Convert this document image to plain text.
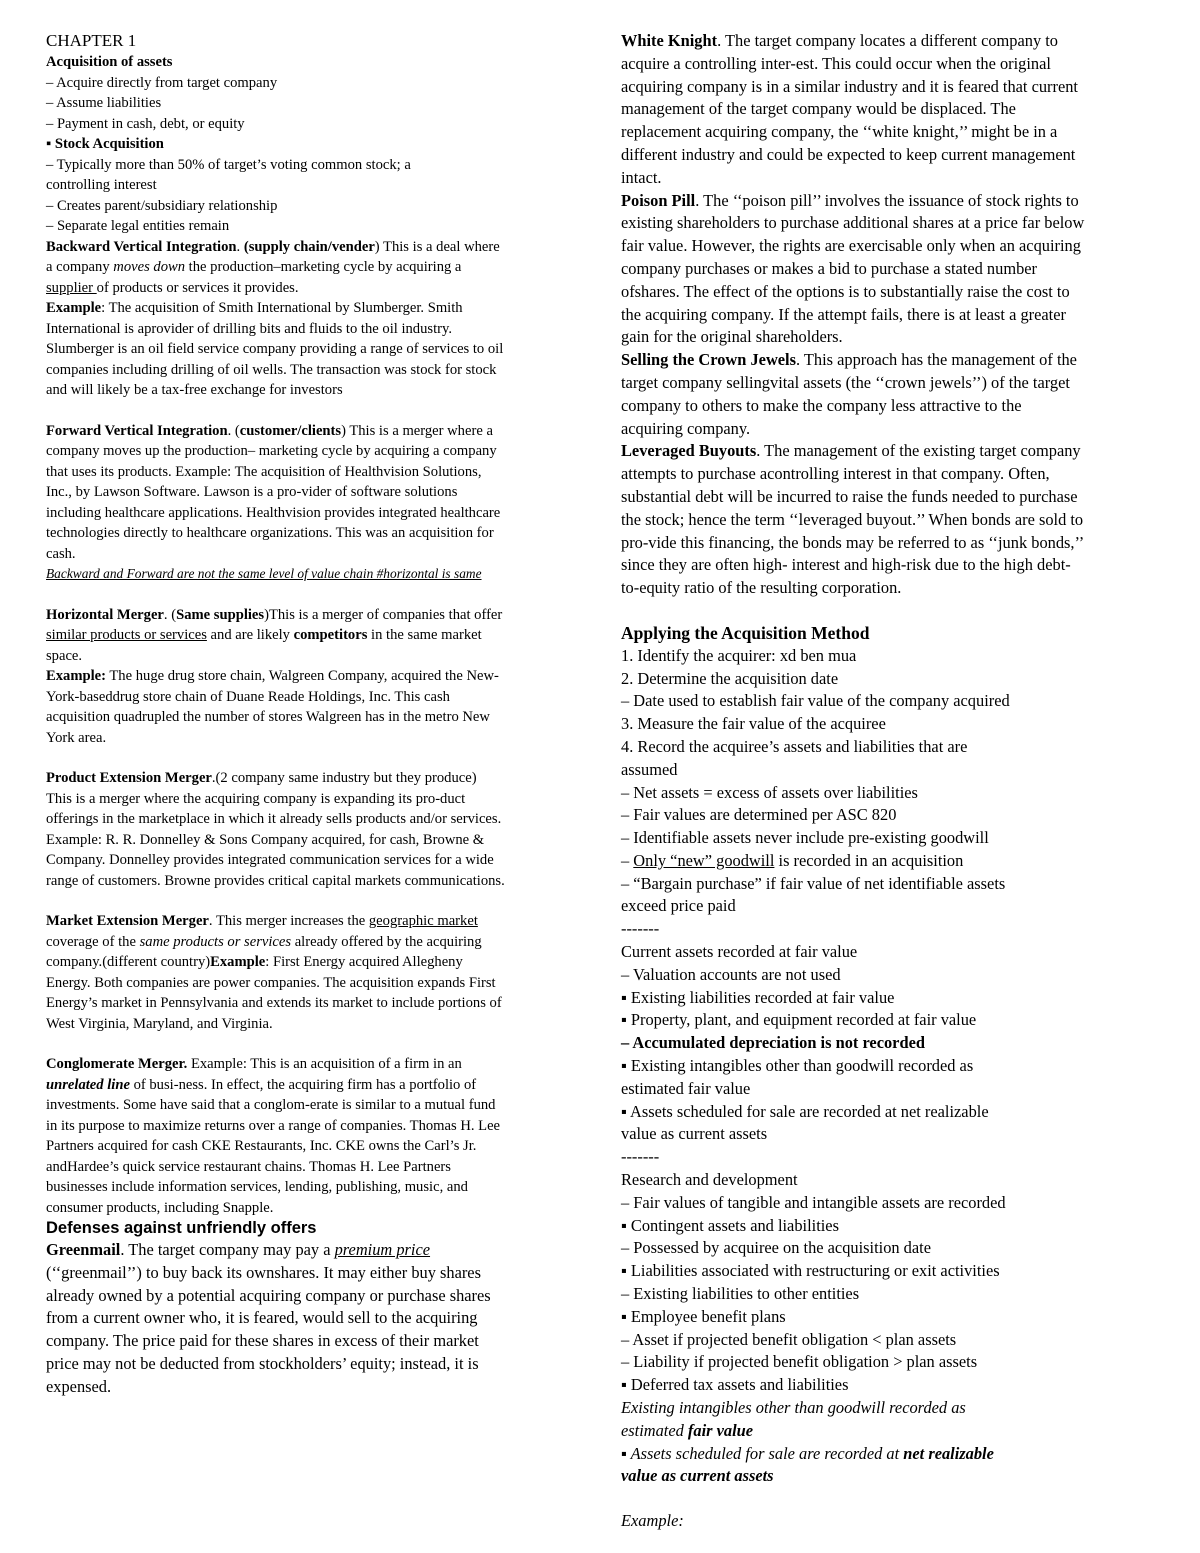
CHAPTER 1
Acquisition of assets
– Acquire directly from target company
– Assume liabilities
– Payment in cash, debt, or equity
▪ Stock Acquisition
– Typically more than 50% of target’s voting common stock; a
controlling interest
– Creates parent/subsidiary relationship
– Separate legal entities remain
Backward Vertical Integration. (supply chain/vender) This is a deal where
a company moves down the production–marketing cycle by acquiring a
supplier of products or services it provides.
Example: The acquisition of Smith International by Slumberger. Smith
International is aprovider of drilling bits and fluids to the oil industry.
Slumberger is an oil field service company providing a range of services to oil
companies including drilling of oil wells. The transaction was stock for stock
and will likely be a tax-free exchange for investors
Forward Vertical Integration. (customer/clients) This is a merger where a
company moves up the production– marketing cycle by acquiring a company
that uses its products. Example: The acquisition of Healthvision Solutions,
Inc., by Lawson Software. Lawson is a pro-vider of software solutions
including healthcare applications. Healthvision provides integrated healthcare
technologies directly to healthcare organizations. This was an acquisition for
cash.
Backward and Forward are not the same level of value chain #horizontal is same
Horizontal Merger. (Same supplies)This is a merger of companies that offer
similar products or services and are likely competitors in the same market
space.
Example: The huge drug store chain, Walgreen Company, acquired the New-
York-baseddrug store chain of Duane Reade Holdings, Inc. This cash
acquisition quadrupled the number of stores Walgreen has in the metro New
York area.
Product Extension Merger.(2 company same industry but they produce)
This is a merger where the acquiring company is expanding its pro-duct
offerings in the marketplace in which it already sells products and/or services.
Example: R. R. Donnelley & Sons Company acquired, for cash, Browne &
Company. Donnelley provides integrated communication services for a wide
range of customers. Browne provides critical capital markets communications.
Market Extension Merger. This merger increases the geographic market
coverage of the same products or services already offered by the acquiring
company.(different country)Example: First Energy acquired Allegheny
Energy. Both companies are power companies. The acquisition expands First
Energy’s market in Pennsylvania and extends its market to include portions of
West Virginia, Maryland, and Virginia.
Conglomerate Merger. Example: This is an acquisition of a firm in an
unrelated line of busi-ness. In effect, the acquiring firm has a portfolio of
investments. Some have said that a conglom-erate is similar to a mutual fund
in its purpose to maximize returns over a range of companies. Thomas H. Lee
Partners acquired for cash CKE Restaurants, Inc. CKE owns the Carl’s Jr.
andHardee’s quick service restaurant chains. Thomas H. Lee Partners
businesses include information services, lending, publishing, music, and
consumer products, including Snapple.
Defenses against unfriendly offers
Greenmail. The target company may pay a premium price
(‘‘greenmail’’) to buy back its ownshares. It may either buy shares
already owned by a potential acquiring company or purchase shares
from a current owner who, it is feared, would sell to the acquiring
company. The price paid for these shares in excess of their market
price may not be deducted from stockholders’ equity; instead, it is
expensed.
White Knight. The target company locates a different company to
acquire a controlling inter-est. This could occur when the original
acquiring company is in a similar industry and it is feared that current
management of the target company would be displaced. The
replacement acquiring company, the ‘‘white knight,’’ might be in a
different industry and could be expected to keep current management
intact.
Poison Pill. The ‘‘poison pill’’ involves the issuance of stock rights to
existing shareholders to purchase additional shares at a price far below
fair value. However, the rights are exercisable only when an acquiring
company purchases or makes a bid to purchase a stated number
ofshares. The effect of the options is to substantially raise the cost to
the acquiring company. If the attempt fails, there is at least a greater
gain for the original shareholders.
Selling the Crown Jewels. This approach has the management of the
target company sellingvital assets (the ‘‘crown jewels’’) of the target
company to others to make the company less attractive to the
acquiring company.
Leveraged Buyouts. The management of the existing target company
attempts to purchase acontrolling interest in that company. Often,
substantial debt will be incurred to raise the funds needed to purchase
the stock; hence the term ‘‘leveraged buyout.’’ When bonds are sold to
pro-vide this financing, the bonds may be referred to as ‘‘junk bonds,’’
since they are often high- interest and high-risk due to the high debt-
to-equity ratio of the resulting corporation.
Applying the Acquisition Method
1. Identify the acquirer: xd ben mua
2. Determine the acquisition date
– Date used to establish fair value of the company acquired
3. Measure the fair value of the acquiree
4. Record the acquiree’s assets and liabilities that are
assumed
– Net assets = excess of assets over liabilities
– Fair values are determined per ASC 820
– Identifiable assets never include pre-existing goodwill
– Only “new” goodwill is recorded in an acquisition
– “Bargain purchase” if fair value of net identifiable assets
exceed price paid
-------
Current assets recorded at fair value
– Valuation accounts are not used
▪ Existing liabilities recorded at fair value
▪ Property, plant, and equipment recorded at fair value
– Accumulated depreciation is not recorded
▪ Existing intangibles other than goodwill recorded as
estimated fair value
▪ Assets scheduled for sale are recorded at net realizable
value as current assets
-------
Research and development
– Fair values of tangible and intangible assets are recorded
▪ Contingent assets and liabilities
– Possessed by acquiree on the acquisition date
▪ Liabilities associated with restructuring or exit activities
– Existing liabilities to other entities
▪ Employee benefit plans
– Asset if projected benefit obligation < plan assets
– Liability if projected benefit obligation > plan assets
▪ Deferred tax assets and liabilities
Existing intangibles other than goodwill recorded as
estimated fair value
▪ Assets scheduled for sale are recorded at net realizable
value as current assets
Example:
